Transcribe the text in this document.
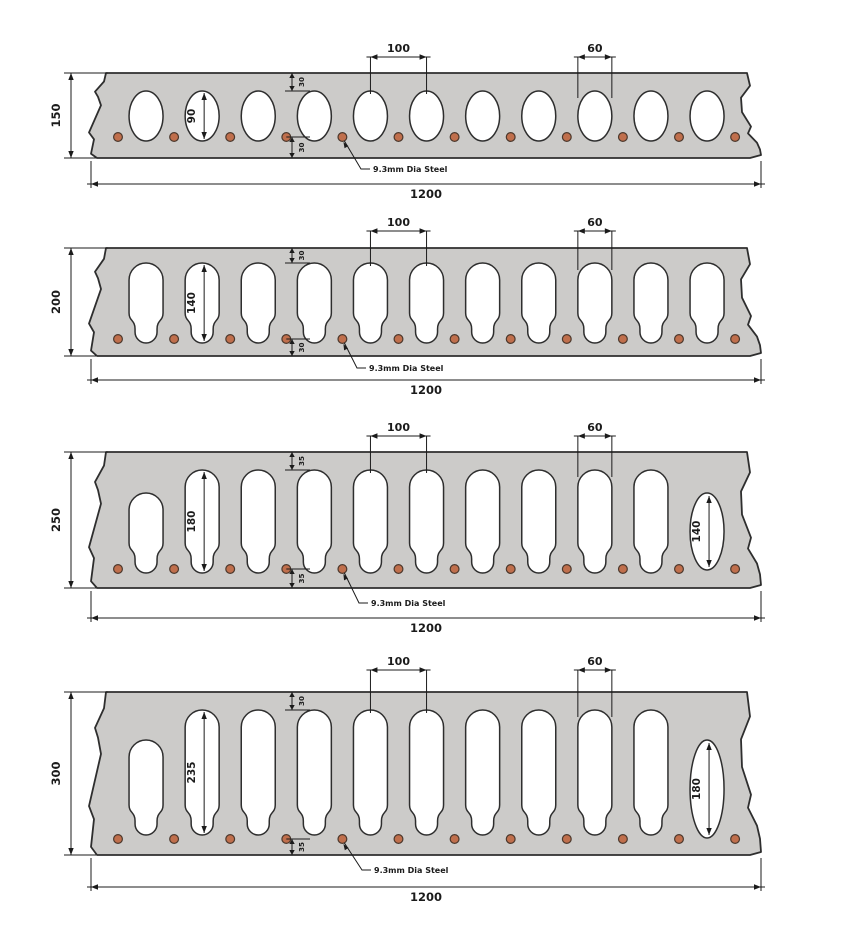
150
1200
100	60
30
30
90
9.3mm Dia Steel
200
1200
100	60
30
30
140
9.3mm Dia Steel
250
1200
100	60
35
35
180	140
9.3mm Dia Steel
300
1200
100	60
30
35
235
180
9.3mm Dia Steel
